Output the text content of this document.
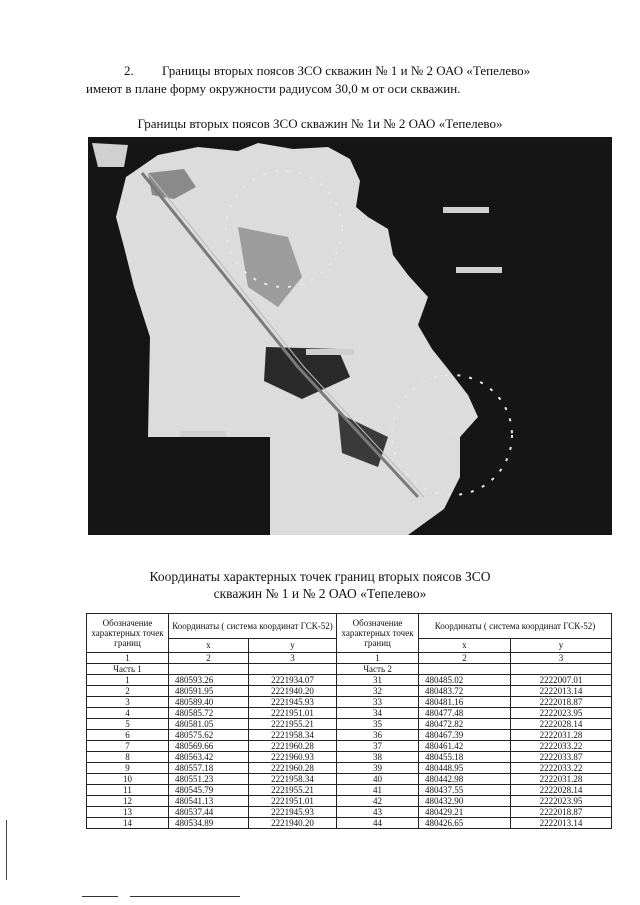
2. Границы вторых поясов ЗСО скважин № 1 и № 2 ОАО «Тепелево»
имеют в плане форму окружности радиусом 30,0 м от оси скважин.
Границы вторых поясов ЗСО скважин № 1и № 2 ОАО «Тепелево»
ЗСО 2
Координаты характерных точек границ вторых поясов ЗСО
скважин № 1 и № 2 ОАО «Тепелево»
Обозначение характерных точек границ	Координаты ( система координат ГСК-52)		Обозначение характерных точек границ	Координаты ( система координат ГСК-52)	
	x	y		x	y
1	2	3	1	2	3
Часть 1			Часть 2		
1	480593.26	2221934.07	31	480485.02	2222007.01
2	480591.95	2221940.20	32	480483.72	2222013.14
3	480589.40	2221945.93	33	480481.16	2222018.87
4	480585.72	2221951.01	34	480477.48	2222023.95
5	480581.05	2221955.21	35	480472.82	2222028.14
6	480575.62	2221958.34	36	480467.39	2222031.28
7	480569.66	2221960.28	37	480461.42	2222033.22
8	480563.42	2221960.93	38	480455.18	2222033.87
9	480557.18	2221960.28	39	480448.95	2222033.22
10	480551.23	2221958.34	40	480442.98	2222031.28
11	480545.79	2221955.21	41	480437.55	2222028.14
12	480541.13	2221951.01	42	480432.90	2222023.95
13	480537.44	2221945.93	43	480429.21	2222018.87
14	480534.89	2221940.20	44	480426.65	2222013.14
